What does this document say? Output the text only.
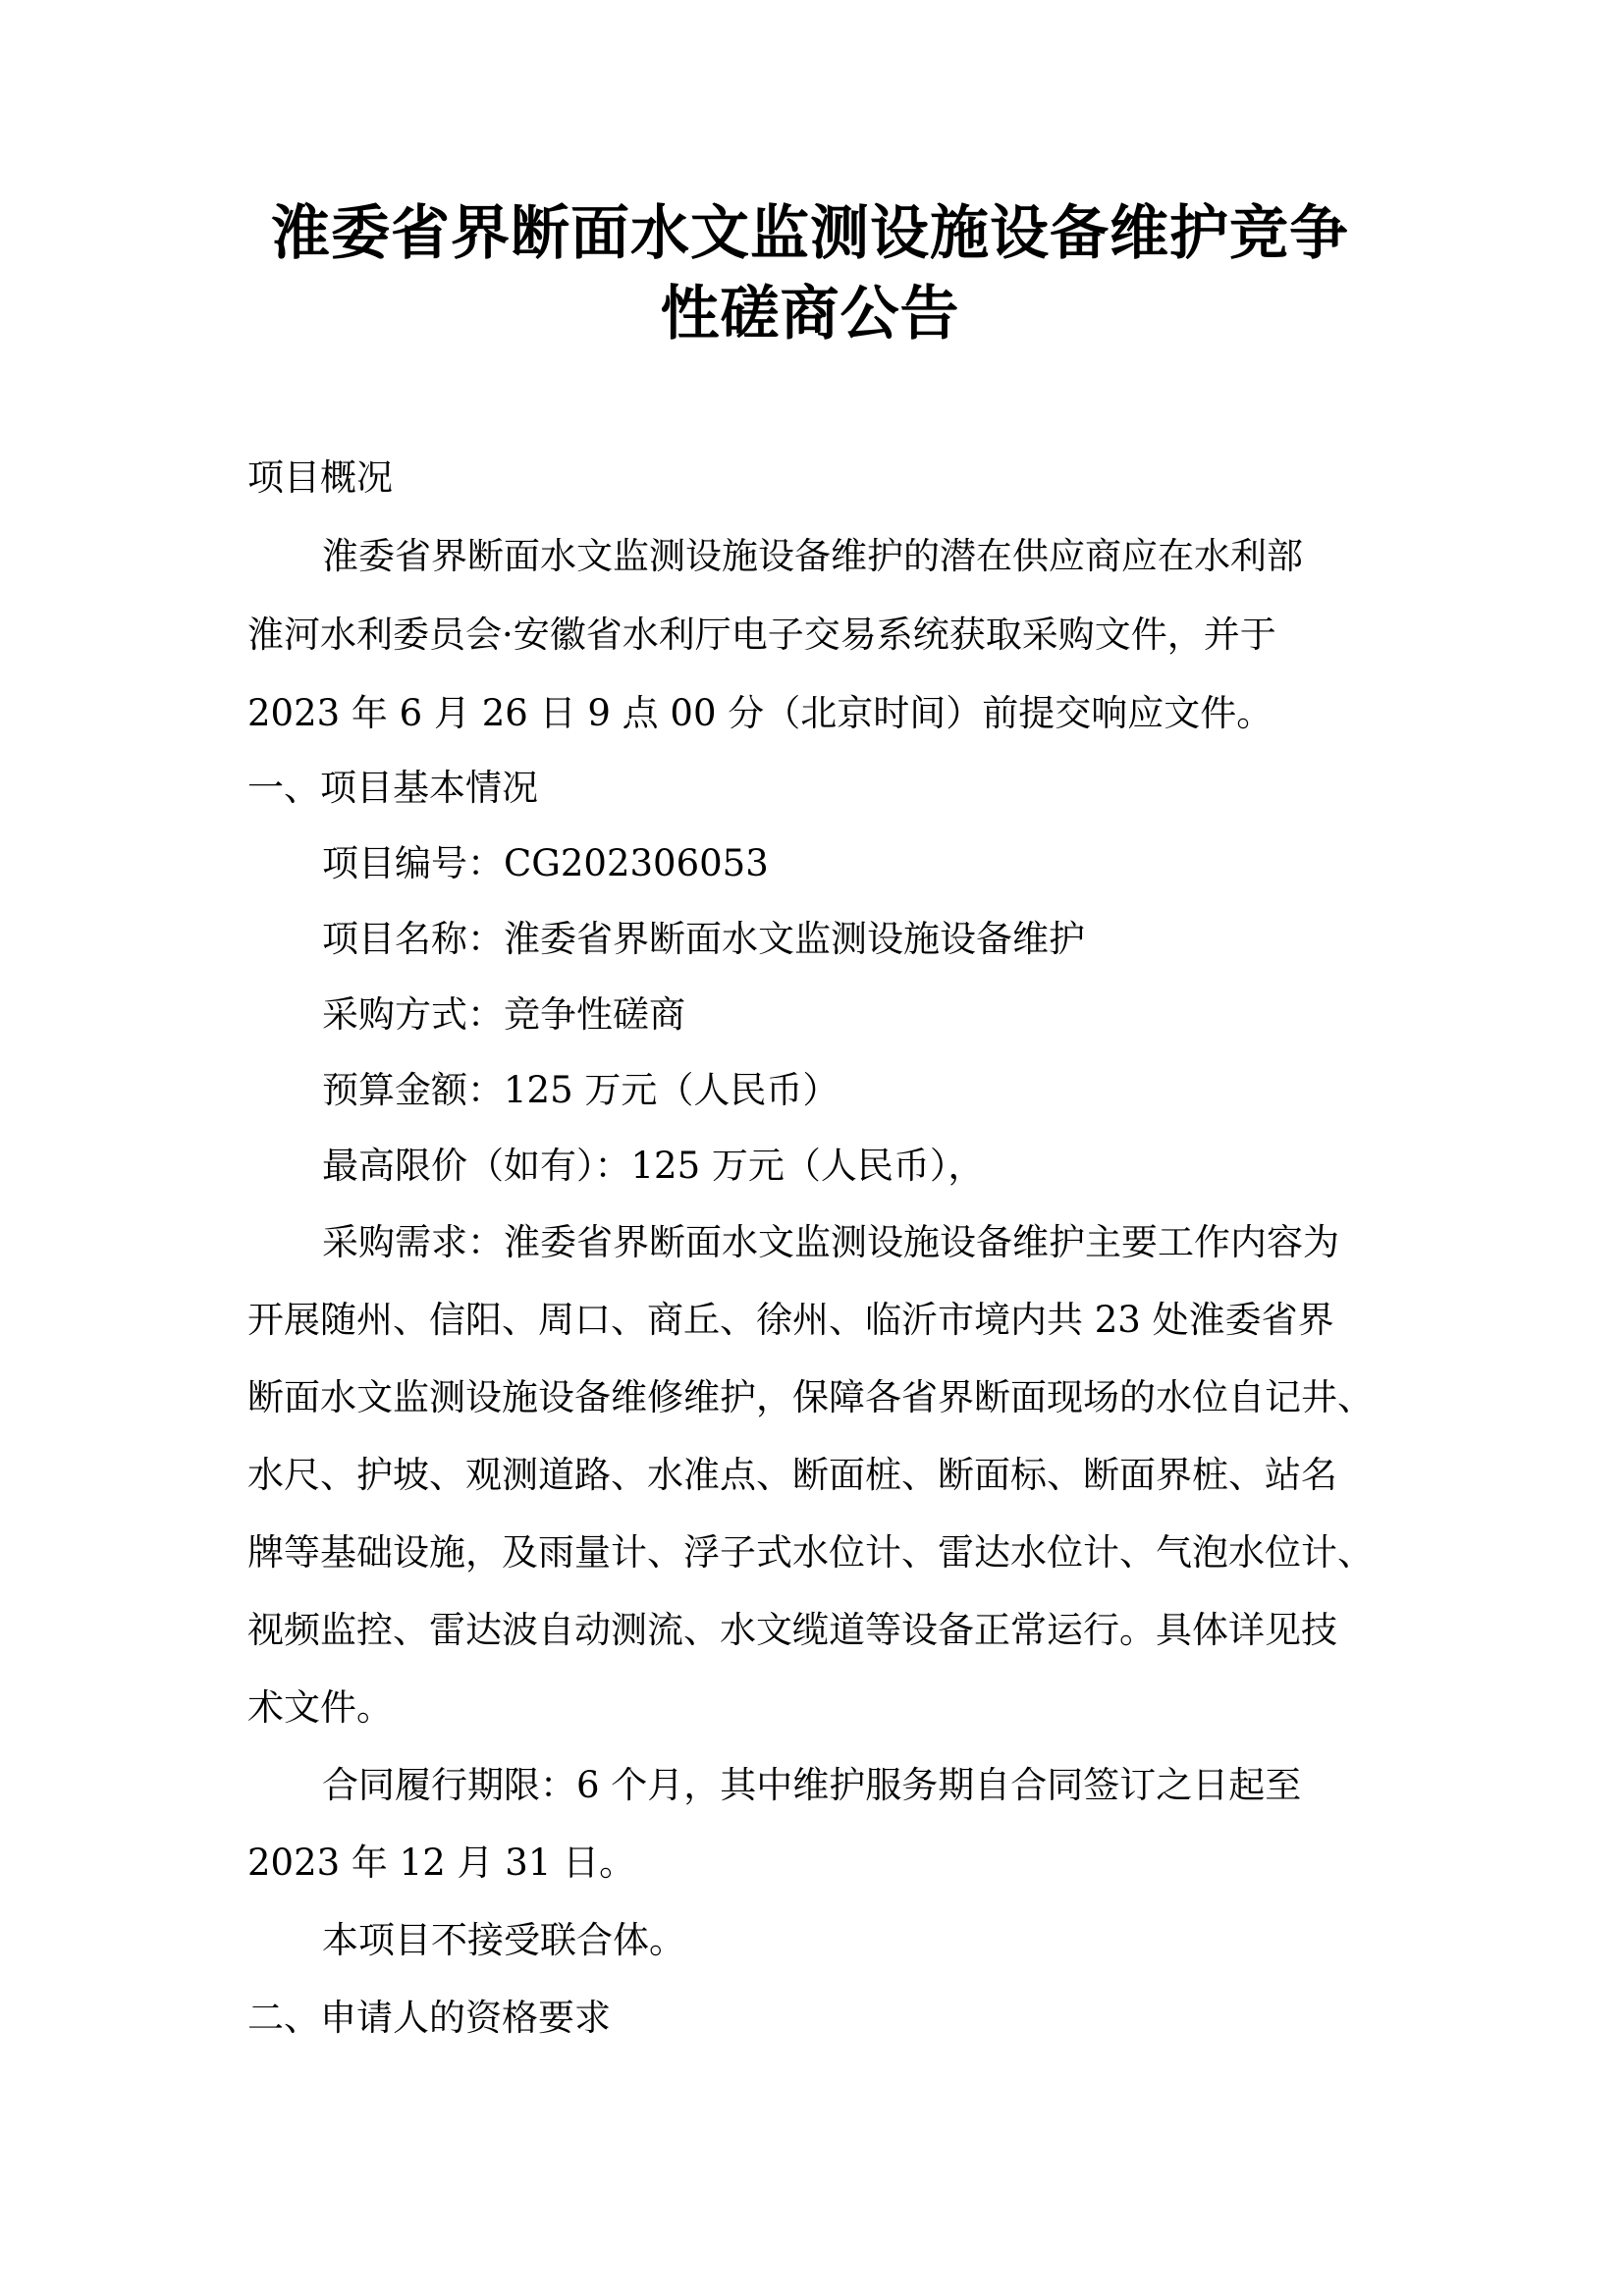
淮委省界断面水文监测设施设备维护竞争
性磋商公告
项目概况
淮委省界断面水文监测设施设备维护的潜在供应商应在水利部
淮河水利委员会·安徽省水利厅电子交易系统获取采购文件，并于
2023 年 6 月 26 日 9 点 00 分（北京时间）前提交响应文件。
一、项目基本情况
项目编号：CG202306053
项目名称：淮委省界断面水文监测设施设备维护
采购方式：竞争性磋商
预算金额：125 万元（人民币）
最高限价（如有）：125 万元（人民币），
采购需求：淮委省界断面水文监测设施设备维护主要工作内容为
开展随州、信阳、周口、商丘、徐州、临沂市境内共 23 处淮委省界
断面水文监测设施设备维修维护，保障各省界断面现场的水位自记井、
水尺、护坡、观测道路、水准点、断面桩、断面标、断面界桩、站名
牌等基础设施，及雨量计、浮子式水位计、雷达水位计、气泡水位计、
视频监控、雷达波自动测流、水文缆道等设备正常运行。具体详见技
术文件。
合同履行期限：6 个月，其中维护服务期自合同签订之日起至
2023 年 12 月 31 日。
本项目不接受联合体。
二、申请人的资格要求
